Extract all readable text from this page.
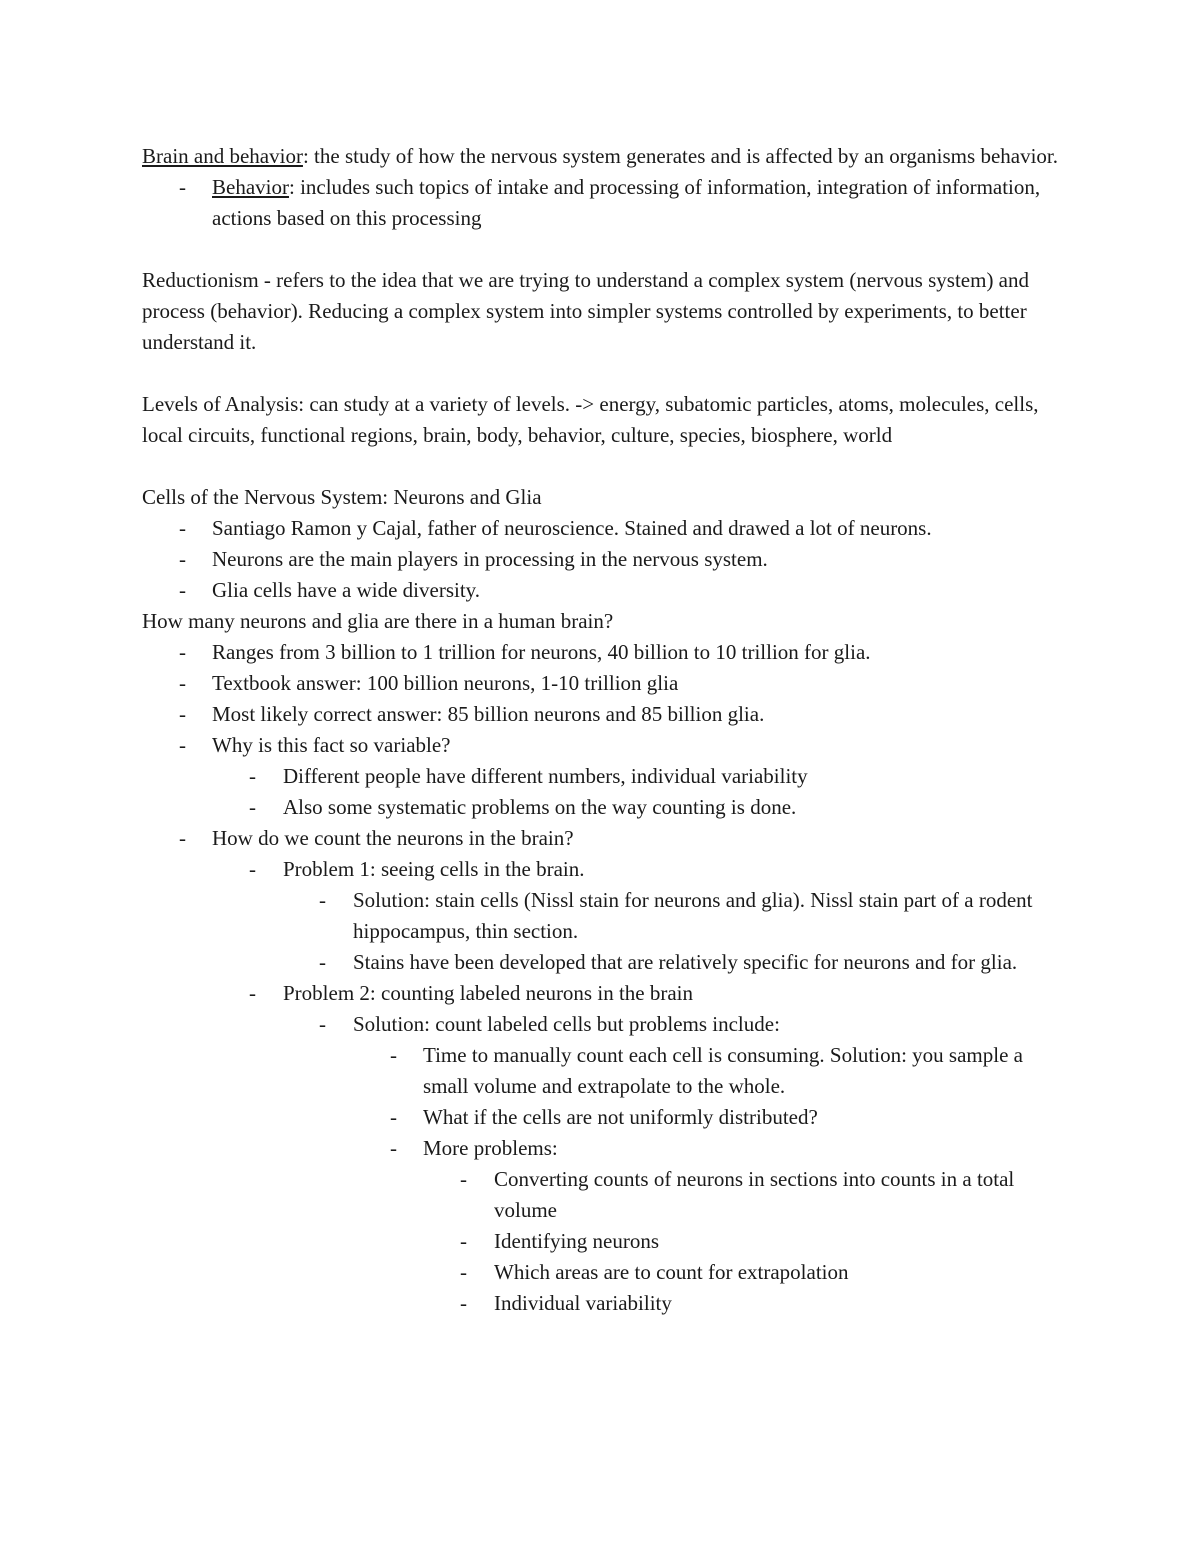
Brain and behavior: the study of how the nervous system generates and is affected by an organisms behavior.

- Behavior: includes such topics of intake and processing of information, integration of information, actions based on this processing

Reductionism - refers to the idea that we are trying to understand a complex system (nervous system) and process (behavior). Reducing a complex system into simpler systems controlled by experiments, to better understand it.

Levels of Analysis: can study at a variety of levels. -> energy, subatomic particles, atoms, molecules, cells, local circuits, functional regions, brain, body, behavior, culture, species, biosphere, world

Cells of the Nervous System: Neurons and Glia

- Santiago Ramon y Cajal, father of neuroscience. Stained and drawed a lot of neurons.
- Neurons are the main players in processing in the nervous system.
- Glia cells have a wide diversity.

How many neurons and glia are there in a human brain?

- Ranges from 3 billion to 1 trillion for neurons, 40 billion to 10 trillion for glia.
- Textbook answer: 100 billion neurons, 1-10 trillion glia
- Most likely correct answer: 85 billion neurons and 85 billion glia.
- Why is this fact so variable?
- Different people have different numbers, individual variability
- Also some systematic problems on the way counting is done.
- How do we count the neurons in the brain?
- Problem 1: seeing cells in the brain.
- Solution: stain cells (Nissl stain for neurons and glia). Nissl stain part of a rodent hippocampus, thin section.
- Stains have been developed that are relatively specific for neurons and for glia.
- Problem 2: counting labeled neurons in the brain
- Solution: count labeled cells but problems include:
- Time to manually count each cell is consuming. Solution: you sample a small volume and extrapolate to the whole.
- What if the cells are not uniformly distributed?
- More problems:
- Converting counts of neurons in sections into counts in a total volume
- Identifying neurons
- Which areas are to count for extrapolation
- Individual variability
